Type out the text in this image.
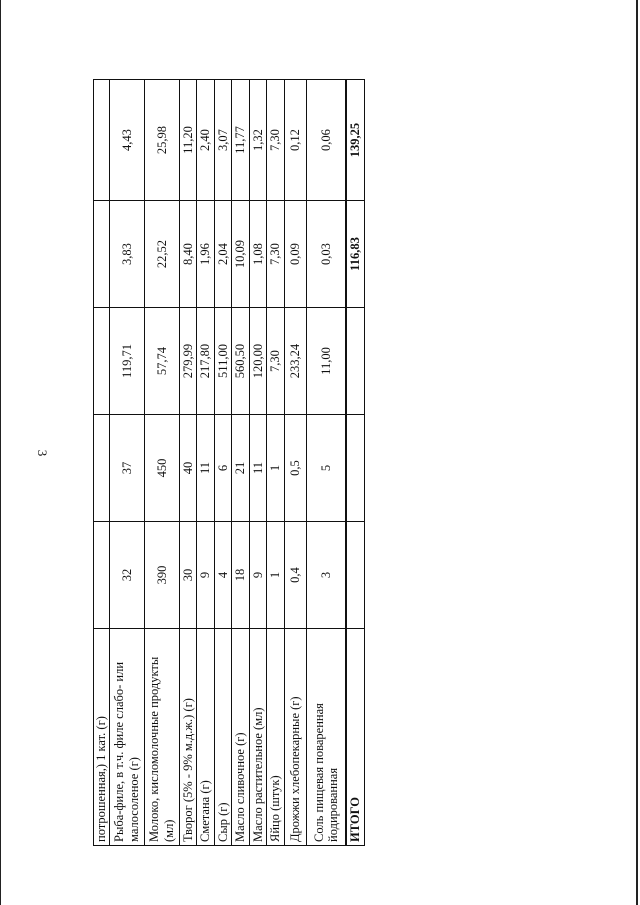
3
потрошенная,) 1 кат. (г)					
Рыба-филе, в т.ч. филе слабо- или малосоленое (г)	32	37	119,71	3,83	4,43
Молоко, кисломолочные продукты (мл)	390	450	57,74	22,52	25,98
Творог (5% - 9% м.д.ж.) (г)	30	40	279,99	8,40	11,20
Сметана (г)	9	11	217,80	1,96	2,40
Сыр (г)	4	6	511,00	2,04	3,07
Масло сливочное (г)	18	21	560,50	10,09	11,77
Масло растительное (мл)	9	11	120,00	1,08	1,32
Яйцо (штук)	1	1	7,30	7,30	7,30
Дрожжи хлебопекарные (г)	0,4	0,5	233,24	0,09	0,12
Соль пищевая поваренная йодированная	3	5	11,00	0,03	0,06
ИТОГО				116,83	139,25
